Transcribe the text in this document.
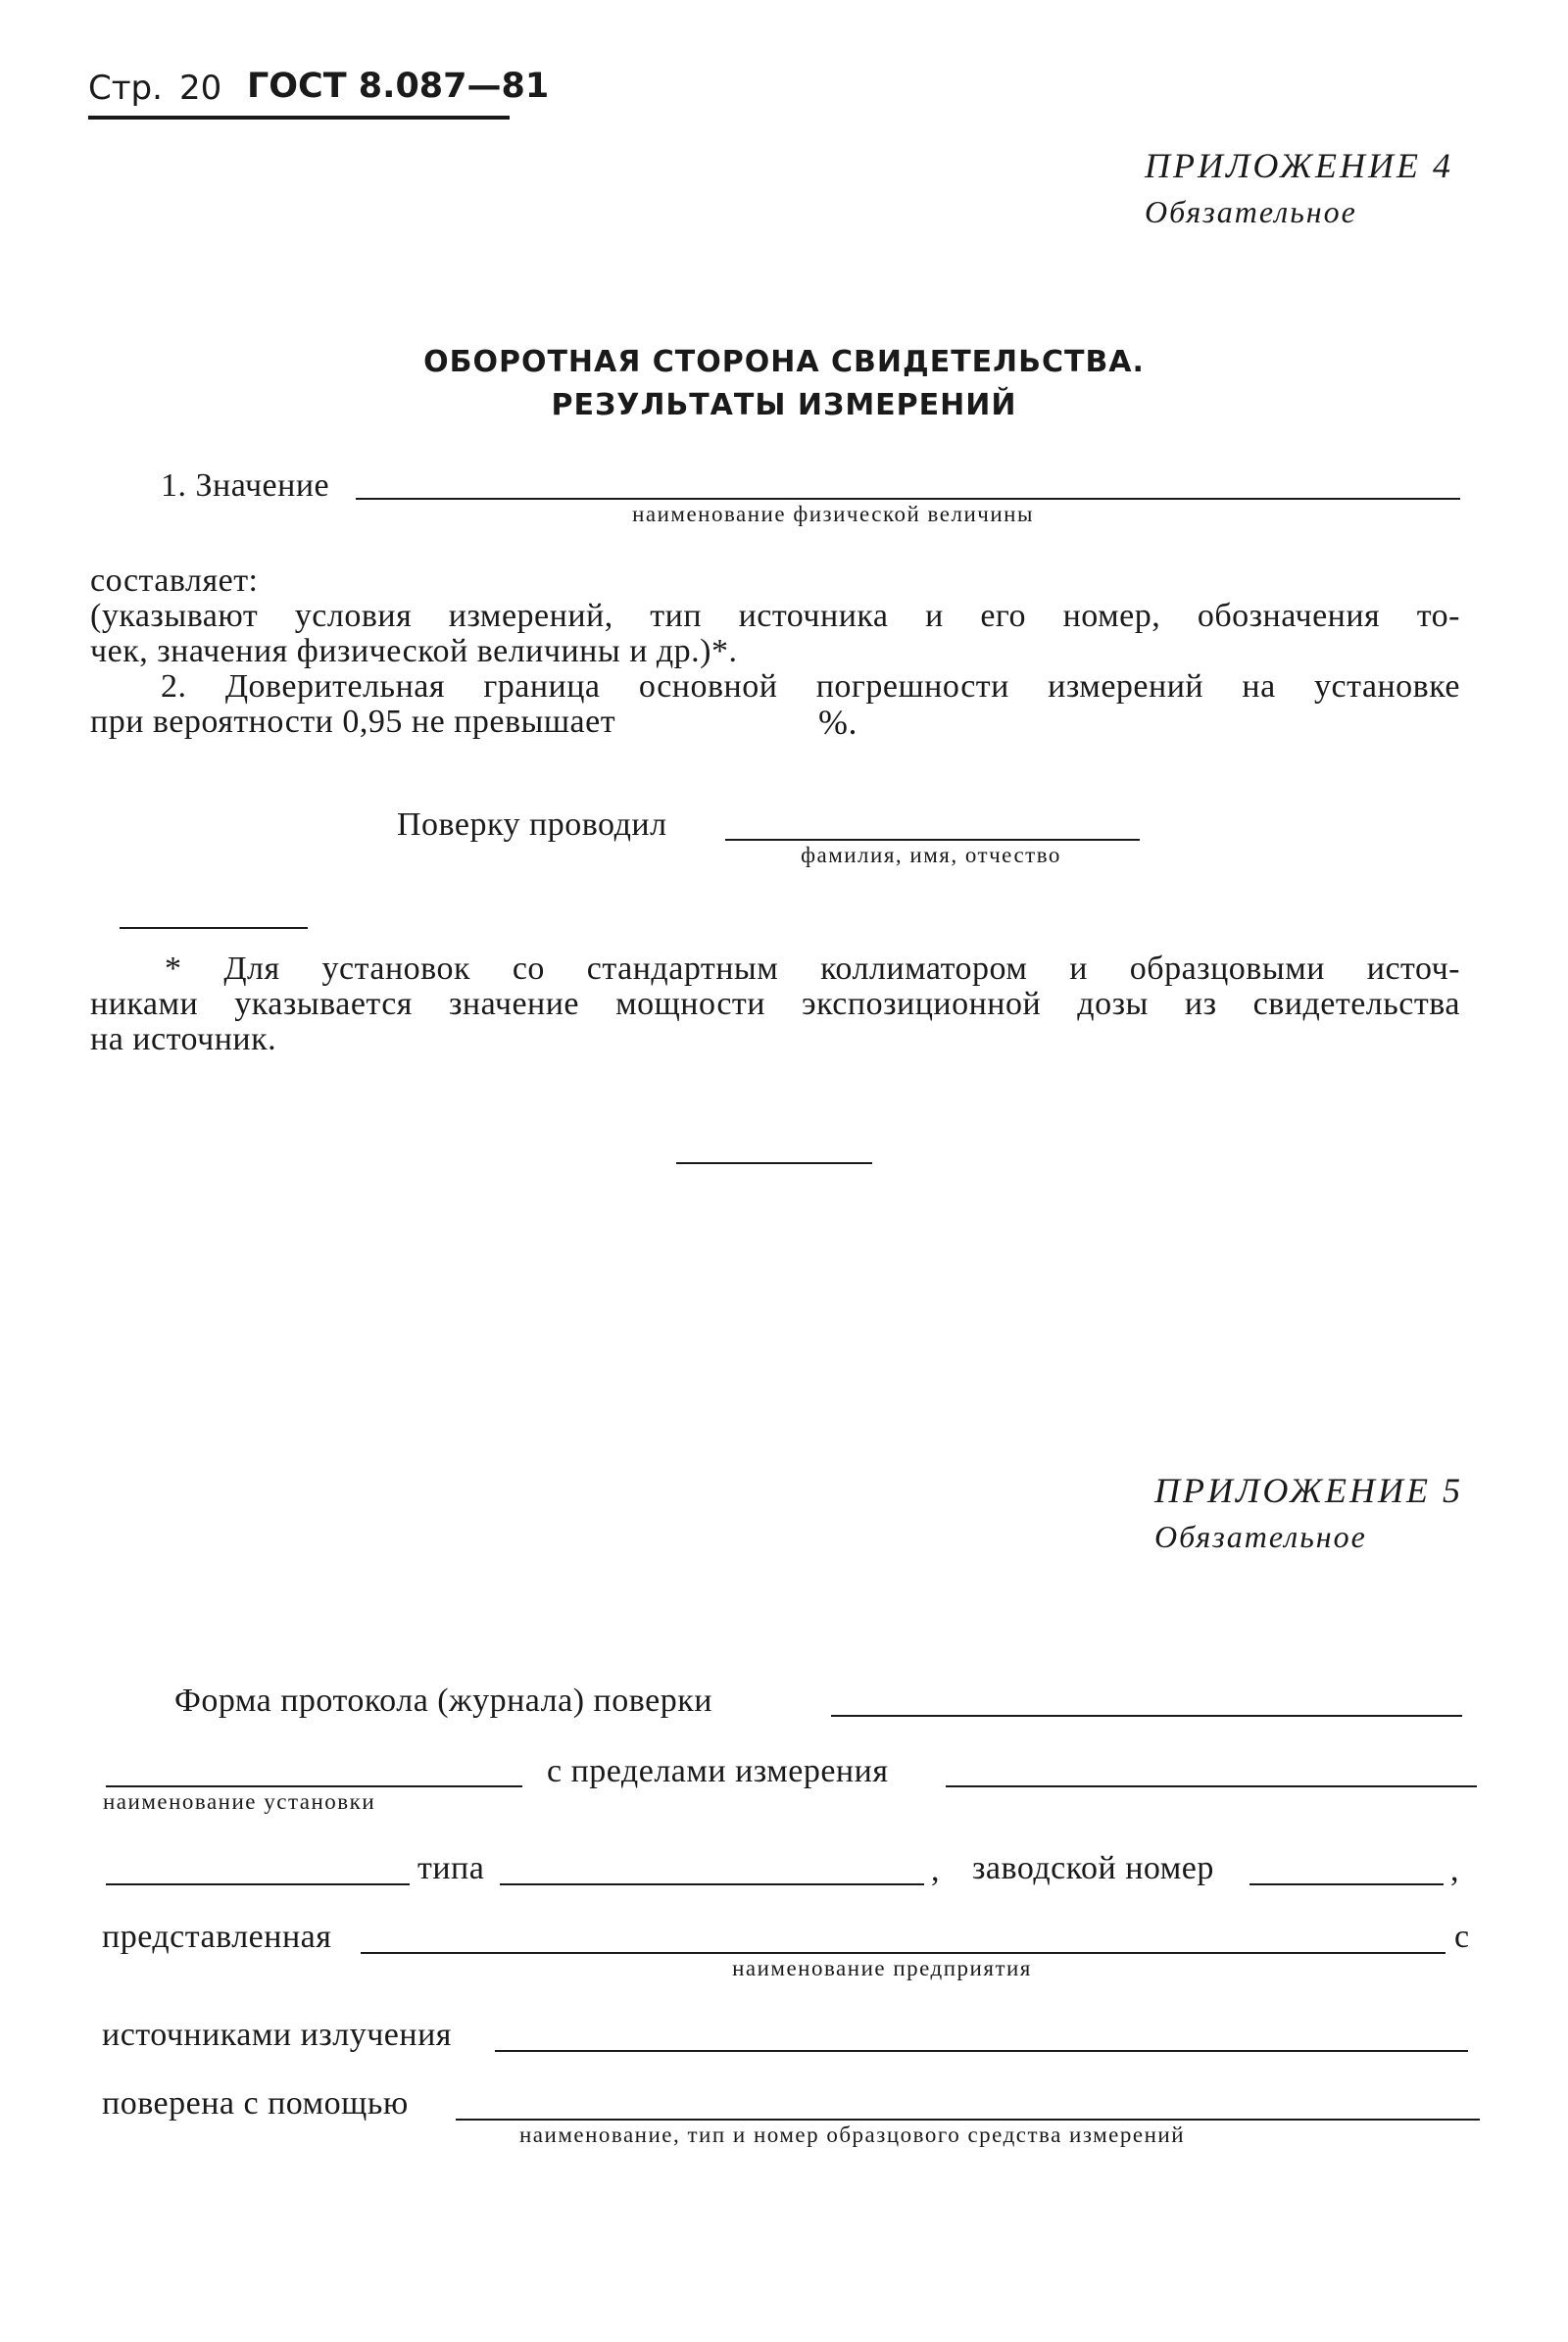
Стр. 20 ГОСТ 8.087—81
ПРИЛОЖЕНИЕ 4
Обязательное
ОБОРОТНАЯ СТОРОНА СВИДЕТЕЛЬСТВА.
РЕЗУЛЬТАТЫ ИЗМЕРЕНИЙ
1. Значение
наименование физической величины
составляет:
(указывают условия измерений, тип источника и его номер, обозначения то-
чек, значения физической величины и др.)*.
2. Доверительная граница основной погрешности измерений на установке
при вероятности 0,95 не превышает	%.
Поверку проводил
фамилия, имя, отчество
* Для установок со стандартным коллиматором и образцовыми источ-
никами указывается значение мощности экспозиционной дозы из свидетельства
на источник.
ПРИЛОЖЕНИЕ 5
Обязательное
Форма протокола (журнала) поверки
наименование установки
с пределами измерения
типа	, заводской номер	,
представленная
наименование предприятия
с
источниками излучения
поверена с помощью
наименование, тип и номер образцового средства измерений
